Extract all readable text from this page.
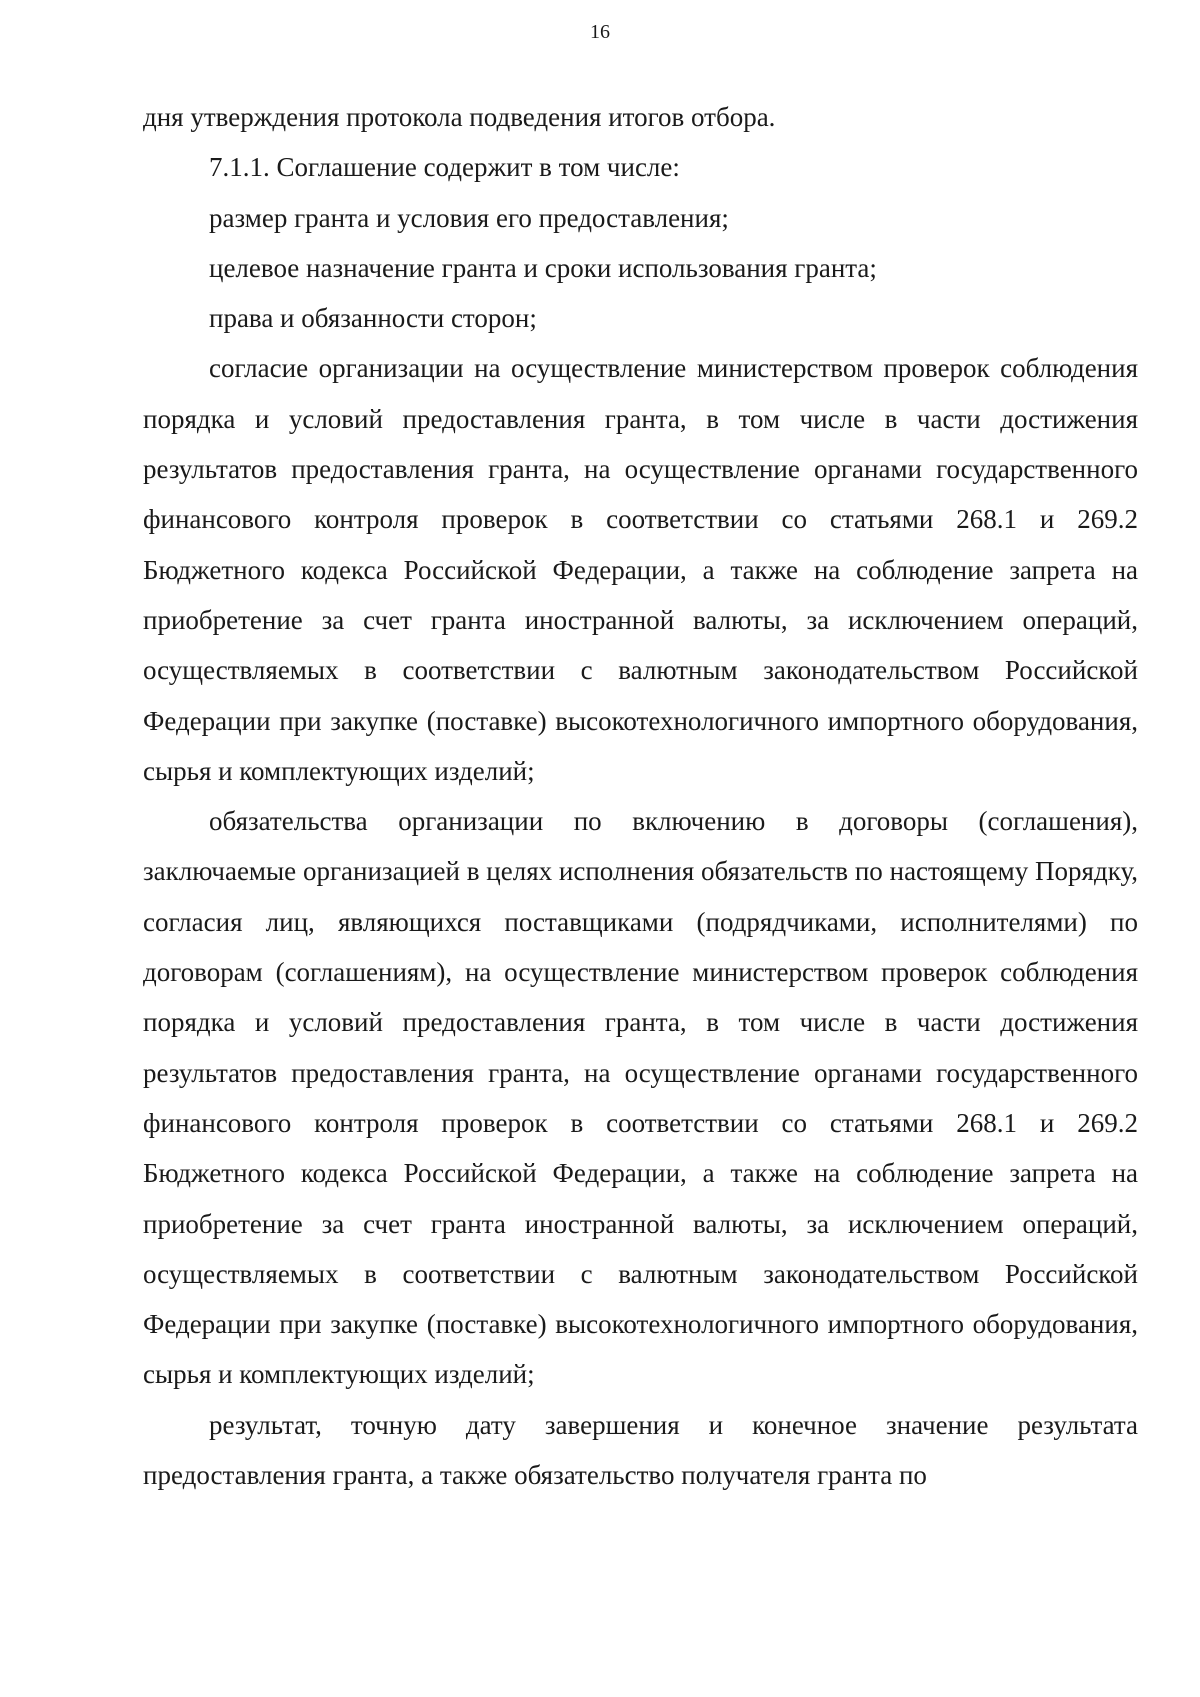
16

дня утверждения протокола подведения итогов отбора.

7.1.1. Соглашение содержит в том числе:

размер гранта и условия его предоставления;

целевое назначение гранта и сроки использования гранта;

права и обязанности сторон;

согласие организации на осуществление министерством проверок соблюдения порядка и условий предоставления гранта, в том числе в части достижения результатов предоставления гранта, на осуществление органами государственного финансового контроля проверок в соответствии со статьями 268.1 и 269.2 Бюджетного кодекса Российской Федерации, а также на соблюдение запрета на приобретение за счет гранта иностранной валюты, за исключением операций, осуществляемых в соответствии с валютным законодательством Российской Федерации при закупке (поставке) высокотехнологичного импортного оборудования, сырья и комплектующих изделий;

обязательства организации по включению в договоры (соглашения), заключаемые организацией в целях исполнения обязательств по настоящему Порядку, согласия лиц, являющихся поставщиками (подрядчиками, исполнителями) по договорам (соглашениям), на осуществление министерством проверок соблюдения порядка и условий предоставления гранта, в том числе в части достижения результатов предоставления гранта, на осуществление органами государственного финансового контроля проверок в соответствии со статьями 268.1 и 269.2 Бюджетного кодекса Российской Федерации, а также на соблюдение запрета на приобретение за счет гранта иностранной валюты, за исключением операций, осуществляемых в соответствии с валютным законодательством Российской Федерации при закупке (поставке) высокотехнологичного импортного оборудования, сырья и комплектующих изделий;

результат, точную дату завершения и конечное значение результата предоставления гранта, а также обязательство получателя гранта по
